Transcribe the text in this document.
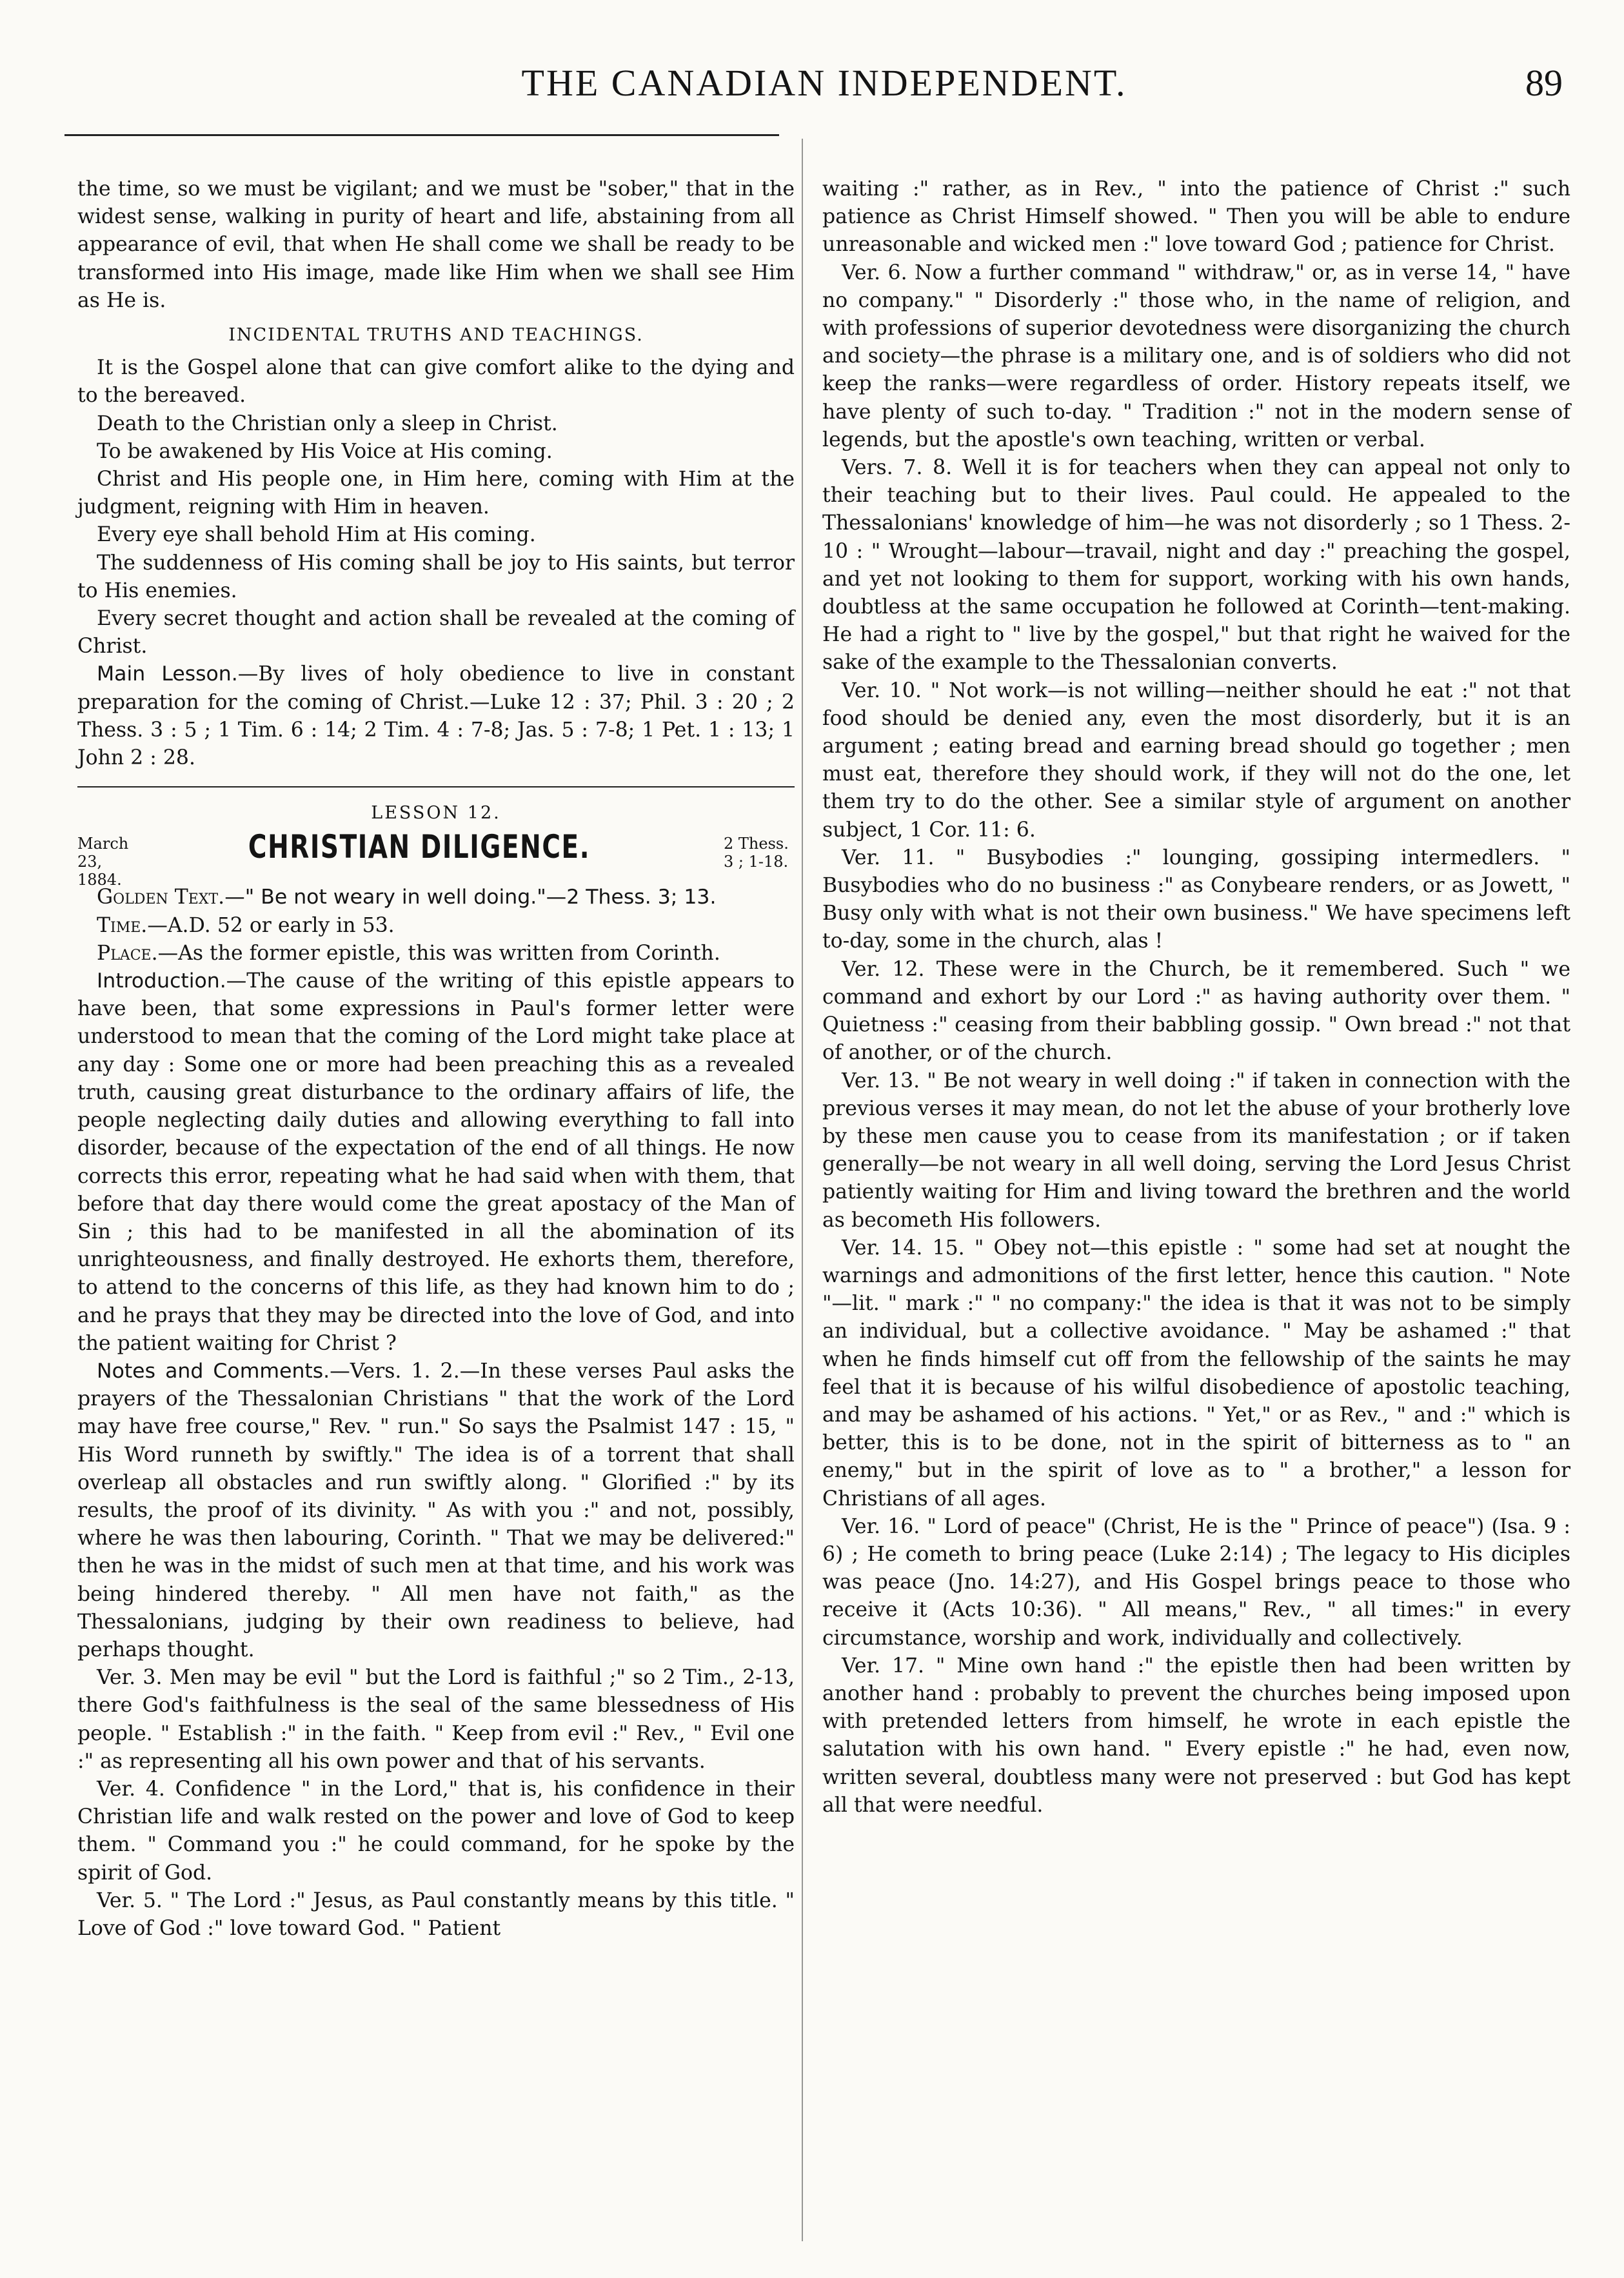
THE CANADIAN INDEPENDENT.	89

the time, so we must be vigilant; and we must be "sober," that in the widest sense, walking in purity of heart and life, abstaining from all appearance of evil, that when He shall come we shall be ready to be transformed into His image, made like Him when we shall see Him as He is.

INCIDENTAL TRUTHS AND TEACHINGS.

It is the Gospel alone that can give comfort alike to the dying and to the bereaved.

Death to the Christian only a sleep in Christ.

To be awakened by His Voice at His coming.

Christ and His people one, in Him here, coming with Him at the judgment, reigning with Him in heaven.

Every eye shall behold Him at His coming.

The suddenness of His coming shall be joy to His saints, but terror to His enemies.

Every secret thought and action shall be revealed at the coming of Christ.

Main Lesson.—By lives of holy obedience to live in constant preparation for the coming of Christ.—Luke 12 : 37; Phil. 3 : 20 ; 2 Thess. 3 : 5 ; 1 Tim. 6 : 14; 2 Tim. 4 : 7-8; Jas. 5 : 7-8; 1 Pet. 1 : 13; 1 John 2 : 28.

LESSON 12.
March 23, 1884.
CHRISTIAN DILIGENCE.	2 Thess. 3 ; 1-18.

Golden Text.—" Be not weary in well doing."—2 Thess. 3; 13.

Time.—A.D. 52 or early in 53.

Place.—As the former epistle, this was written from Corinth.

Introduction.—The cause of the writing of this epistle appears to have been, that some expressions in Paul's former letter were understood to mean that the coming of the Lord might take place at any day : Some one or more had been preaching this as a revealed truth, causing great disturbance to the ordinary affairs of life, the people neglecting daily duties and allowing everything to fall into disorder, because of the expectation of the end of all things. He now corrects this error, repeating what he had said when with them, that before that day there would come the great apostacy of the Man of Sin ; this had to be manifested in all the abomination of its unrighteousness, and finally destroyed. He exhorts them, therefore, to attend to the concerns of this life, as they had known him to do ; and he prays that they may be directed into the love of God, and into the patient waiting for Christ ?

Notes and Comments.—Vers. 1. 2.—In these verses Paul asks the prayers of the Thessalonian Christians " that the work of the Lord may have free course," Rev. " run." So says the Psalmist 147 : 15, " His Word runneth by swiftly." The idea is of a torrent that shall overleap all obstacles and run swiftly along. " Glorified :" by its results, the proof of its divinity. " As with you :" and not, possibly, where he was then labouring, Corinth. " That we may be delivered:" then he was in the midst of such men at that time, and his work was being hindered thereby. " All men have not faith," as the Thessalonians, judging by their own readiness to believe, had perhaps thought.

Ver. 3. Men may be evil " but the Lord is faithful ;" so 2 Tim., 2-13, there God's faithfulness is the seal of the same blessedness of His people. " Establish :" in the faith. " Keep from evil :" Rev., " Evil one :" as representing all his own power and that of his servants.

Ver. 4. Confidence " in the Lord," that is, his confidence in their Christian life and walk rested on the power and love of God to keep them. " Command you :" he could command, for he spoke by the spirit of God.

Ver. 5. " The Lord :" Jesus, as Paul constantly means by this title. " Love of God :" love toward God. " Patient

waiting :" rather, as in Rev., " into the patience of Christ :" such patience as Christ Himself showed. " Then you will be able to endure unreasonable and wicked men :" love toward God ; patience for Christ.

Ver. 6. Now a further command " withdraw," or, as in verse 14, " have no company." " Disorderly :" those who, in the name of religion, and with professions of superior devotedness were disorganizing the church and society—the phrase is a military one, and is of soldiers who did not keep the ranks—were regardless of order. History repeats itself, we have plenty of such to-day. " Tradition :" not in the modern sense of legends, but the apostle's own teaching, written or verbal.

Vers. 7. 8. Well it is for teachers when they can appeal not only to their teaching but to their lives. Paul could. He appealed to the Thessalonians' knowledge of him—he was not disorderly ; so 1 Thess. 2-10 : " Wrought—labour—travail, night and day :" preaching the gospel, and yet not looking to them for support, working with his own hands, doubtless at the same occupation he followed at Corinth—tent-making. He had a right to " live by the gospel," but that right he waived for the sake of the example to the Thessalonian converts.

Ver. 10. " Not work—is not willing—neither should he eat :" not that food should be denied any, even the most disorderly, but it is an argument ; eating bread and earning bread should go together ; men must eat, therefore they should work, if they will not do the one, let them try to do the other. See a similar style of argument on another subject, 1 Cor. 11: 6.

Ver. 11. " Busybodies :" lounging, gossiping intermedlers. " Busybodies who do no business :" as Conybeare renders, or as Jowett, " Busy only with what is not their own business." We have specimens left to-day, some in the church, alas !

Ver. 12. These were in the Church, be it remembered. Such " we command and exhort by our Lord :" as having authority over them. " Quietness :" ceasing from their babbling gossip. " Own bread :" not that of another, or of the church.

Ver. 13. " Be not weary in well doing :" if taken in connection with the previous verses it may mean, do not let the abuse of your brotherly love by these men cause you to cease from its manifestation ; or if taken generally—be not weary in all well doing, serving the Lord Jesus Christ patiently waiting for Him and living toward the brethren and the world as becometh His followers.

Ver. 14. 15. " Obey not—this epistle : " some had set at nought the warnings and admonitions of the first letter, hence this caution. " Note "—lit. " mark :" " no company:" the idea is that it was not to be simply an individual, but a collective avoidance. " May be ashamed :" that when he finds himself cut off from the fellowship of the saints he may feel that it is because of his wilful disobedience of apostolic teaching, and may be ashamed of his actions. " Yet," or as Rev., " and :" which is better, this is to be done, not in the spirit of bitterness as to " an enemy," but in the spirit of love as to " a brother," a lesson for Christians of all ages.

Ver. 16. " Lord of peace" (Christ, He is the " Prince of peace") (Isa. 9 : 6) ; He cometh to bring peace (Luke 2:14) ; The legacy to His diciples was peace (Jno. 14:27), and His Gospel brings peace to those who receive it (Acts 10:36). " All means," Rev., " all times:" in every circumstance, worship and work, individually and collectively.

Ver. 17. " Mine own hand :" the epistle then had been written by another hand : probably to prevent the churches being imposed upon with pretended letters from himself, he wrote in each epistle the salutation with his own hand. " Every epistle :" he had, even now, written several, doubtless many were not preserved : but God has kept all that were needful.
